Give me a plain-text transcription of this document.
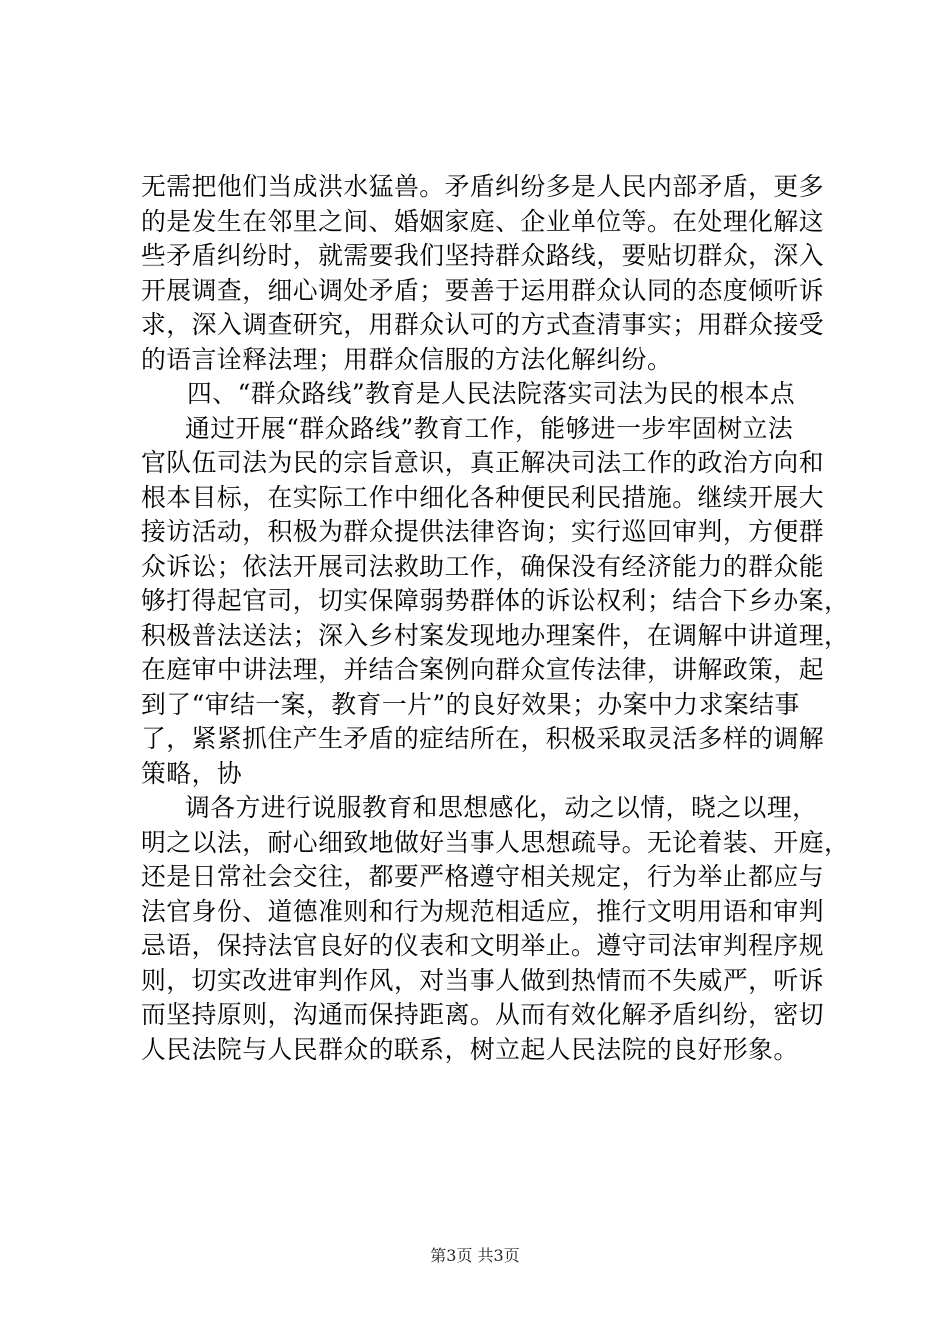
无需把他们当成洪水猛兽。矛盾纠纷多是人民内部矛盾，更多
的是发生在邻里之间、婚姻家庭、企业单位等。在处理化解这
些矛盾纠纷时，就需要我们坚持群众路线，要贴切群众，深入
开展调查，细心调处矛盾；要善于运用群众认同的态度倾听诉
求，深入调查研究，用群众认可的方式查清事实；用群众接受
的语言诠释法理；用群众信服的方法化解纠纷。
四、“群众路线”教育是人民法院落实司法为民的根本点
通过开展“群众路线”教育工作，能够进一步牢固树立法
官队伍司法为民的宗旨意识，真正解决司法工作的政治方向和
根本目标，在实际工作中细化各种便民利民措施。继续开展大
接访活动，积极为群众提供法律咨询；实行巡回审判，方便群
众诉讼；依法开展司法救助工作，确保没有经济能力的群众能
够打得起官司，切实保障弱势群体的诉讼权利；结合下乡办案，
积极普法送法；深入乡村案发现地办理案件，在调解中讲道理，
在庭审中讲法理，并结合案例向群众宣传法律，讲解政策，起
到了“审结一案，教育一片”的良好效果；办案中力求案结事
了，紧紧抓住产生矛盾的症结所在，积极采取灵活多样的调解
策略，协
调各方进行说服教育和思想感化，动之以情，晓之以理，
明之以法，耐心细致地做好当事人思想疏导。无论着装、开庭，
还是日常社会交往，都要严格遵守相关规定，行为举止都应与
法官身份、道德准则和行为规范相适应，推行文明用语和审判
忌语，保持法官良好的仪表和文明举止。遵守司法审判程序规
则，切实改进审判作风，对当事人做到热情而不失威严，听诉
而坚持原则，沟通而保持距离。从而有效化解矛盾纠纷，密切
人民法院与人民群众的联系，树立起人民法院的良好形象。
第3页 共3页
